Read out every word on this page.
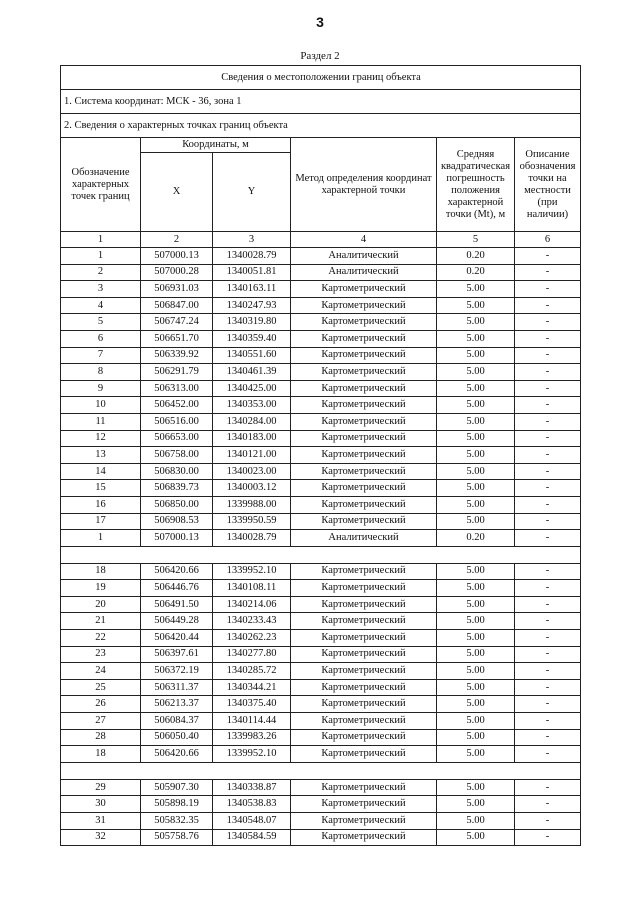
3
Раздел 2
Сведения о местоположении границ объекта					
1. Система координат: МСК - 36, зона 1					
2. Сведения о характерных точках границ объекта					
Обозначение характерных точек границ	Координаты, м		Метод определения координат характерной точки	Средняя квадратическая погрешность положения характерной точки (Mt), м	Описание обозначения точки на местности (при наличии)
	X	Y			
1	2	3	4	5	6
1	507000.13	1340028.79	Аналитический	0.20	-
2	507000.28	1340051.81	Аналитический	0.20	-
3	506931.03	1340163.11	Картометрический	5.00	-
4	506847.00	1340247.93	Картометрический	5.00	-
5	506747.24	1340319.80	Картометрический	5.00	-
6	506651.70	1340359.40	Картометрический	5.00	-
7	506339.92	1340551.60	Картометрический	5.00	-
8	506291.79	1340461.39	Картометрический	5.00	-
9	506313.00	1340425.00	Картометрический	5.00	-
10	506452.00	1340353.00	Картометрический	5.00	-
11	506516.00	1340284.00	Картометрический	5.00	-
12	506653.00	1340183.00	Картометрический	5.00	-
13	506758.00	1340121.00	Картометрический	5.00	-
14	506830.00	1340023.00	Картометрический	5.00	-
15	506839.73	1340003.12	Картометрический	5.00	-
16	506850.00	1339988.00	Картометрический	5.00	-
17	506908.53	1339950.59	Картометрический	5.00	-
1	507000.13	1340028.79	Аналитический	0.20	-

18	506420.66	1339952.10	Картометрический	5.00	-
19	506446.76	1340108.11	Картометрический	5.00	-
20	506491.50	1340214.06	Картометрический	5.00	-
21	506449.28	1340233.43	Картометрический	5.00	-
22	506420.44	1340262.23	Картометрический	5.00	-
23	506397.61	1340277.80	Картометрический	5.00	-
24	506372.19	1340285.72	Картометрический	5.00	-
25	506311.37	1340344.21	Картометрический	5.00	-
26	506213.37	1340375.40	Картометрический	5.00	-
27	506084.37	1340114.44	Картометрический	5.00	-
28	506050.40	1339983.26	Картометрический	5.00	-
18	506420.66	1339952.10	Картометрический	5.00	-

29	505907.30	1340338.87	Картометрический	5.00	-
30	505898.19	1340538.83	Картометрический	5.00	-
31	505832.35	1340548.07	Картометрический	5.00	-
32	505758.76	1340584.59	Картометрический	5.00	-
